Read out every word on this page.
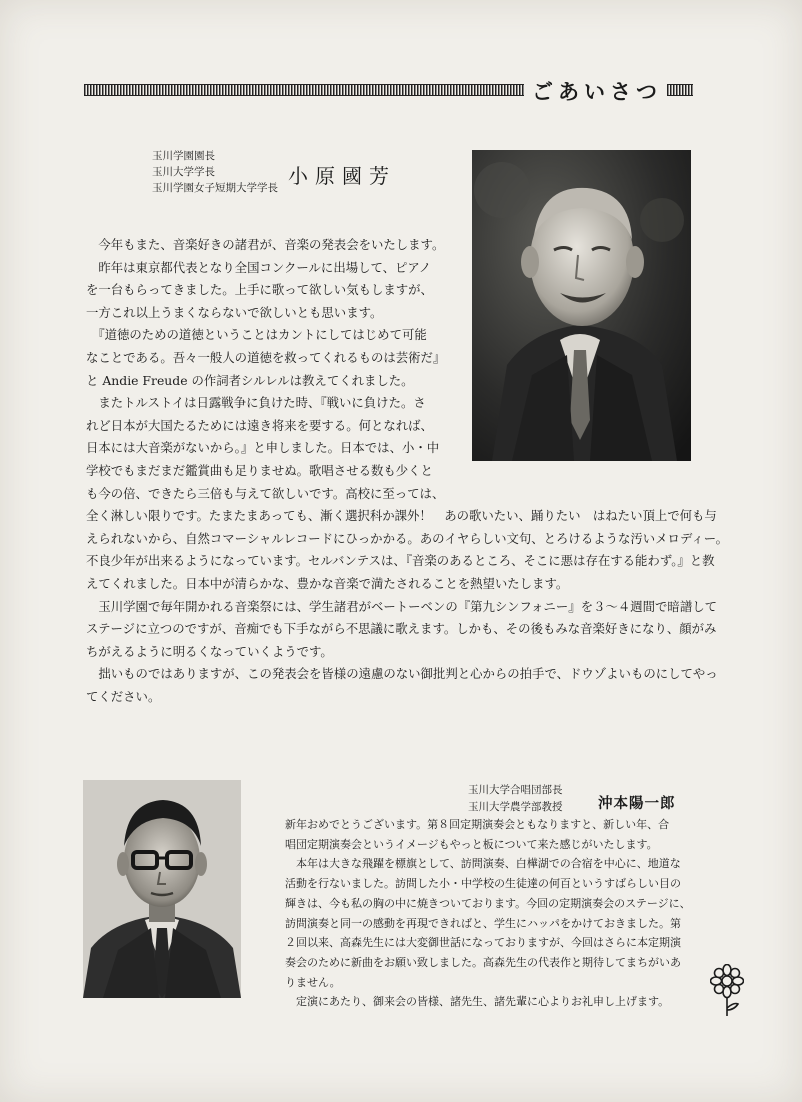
ごあいさつ
玉川学園園長
玉川大学学長
玉川学園女子短期大学学長 小原國芳

　今年もまた、音楽好きの諸君が、音楽の発表会をいたします。

　昨年は東京都代表となり全国コンクールに出場して、ピアノ

を一台もらってきました。上手に歌って欲しい気もしますが、

一方これ以上うまくならないで欲しいとも思います。

　『道徳のための道徳ということはカントにしてはじめて可能

なことである。吾々一般人の道徳を救ってくれるものは芸術だ』

と Andie Freude の作詞者シルレルは教えてくれました。

　またトルストイは日露戦争に負けた時、『戦いに負けた。さ

れど日本が大国たるためには遠き将来を要する。何となれば、

日本には大音楽がないから。』と申しました。日本では、小・中

学校でもまだまだ鑑賞曲も足りませぬ。歌唱させる数も少くと

も今の倍、できたら三倍も与えて欲しいです。高校に至っては、

全く淋しい限りです。たまたまあっても、漸く選択科か課外！　あの歌いたい、踊りたい　はねたい頂上で何も与

えられないから、自然コマーシャルレコードにひっかかる。あのイヤらしい文句、とろけるような汚いメロディー。

不良少年が出来るようになっています。セルバンテスは、『音楽のあるところ、そこに悪は存在する能わず。』と教

えてくれました。日本中が清らかな、豊かな音楽で満たされることを熱望いたします。

　玉川学園で毎年開かれる音楽祭には、学生諸君がベートーベンの『第九シンフォニー』を３〜４週間で暗譜して

ステージに立つのですが、音痴でも下手ながら不思議に歌えます。しかも、その後もみな音楽好きになり、顔がみ

ちがえるように明るくなっていくようです。

　拙いものではありますが、この発表会を皆様の遠慮のない御批判と心からの拍手で、ドウゾよいものにしてやっ

てください。

玉川大学合唱団部長
玉川大学農学部教授 沖本陽一郎

新年おめでとうございます。第８回定期演奏会ともなりますと、新しい年、合

唱団定期演奏会というイメージもやっと板について来た感じがいたします。

　本年は大きな飛躍を標旗として、訪問演奏、白樺湖での合宿を中心に、地道な

活動を行ないました。訪問した小・中学校の生徒達の何百というすばらしい目の

輝きは、今も私の胸の中に焼きついております。今回の定期演奏会のステージに、

訪問演奏と同一の感動を再現できればと、学生にハッパをかけておきました。第

２回以来、高森先生には大変御世話になっておりますが、今回はさらに本定期演

奏会のために新曲をお願い致しました。高森先生の代表作と期待してまちがいあ

りません。

　定演にあたり、御来会の皆様、諸先生、諸先輩に心よりお礼申し上げます。
